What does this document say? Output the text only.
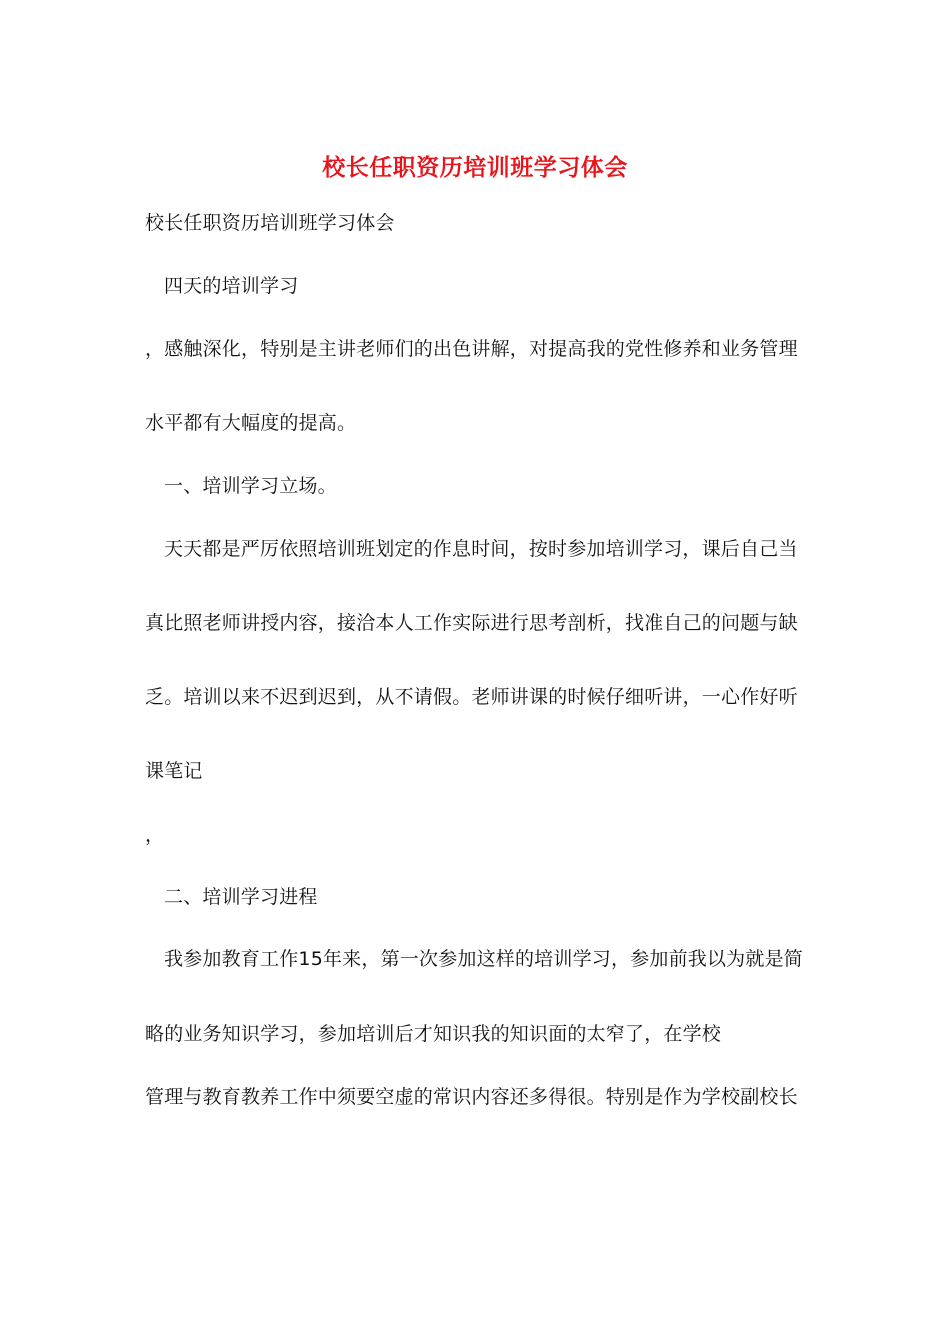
校长任职资历培训班学习体会
校长任职资历培训班学习体会
四天的培训学习
，感触深化，特别是主讲老师们的出色讲解，对提高我的党性修养和业务管理
水平都有大幅度的提高。
一、培训学习立场。
天天都是严厉依照培训班划定的作息时间，按时参加培训学习，课后自己当
真比照老师讲授内容，接洽本人工作实际进行思考剖析，找准自己的问题与缺
乏。培训以来不迟到迟到，从不请假。老师讲课的时候仔细听讲，一心作好听
课笔记
，
二、培训学习进程
我参加教育工作15年来，第一次参加这样的培训学习，参加前我以为就是简
略的业务知识学习，参加培训后才知识我的知识面的太窄了，在学校
管理与教育教养工作中须要空虚的常识内容还多得很。特别是作为学校副校长
